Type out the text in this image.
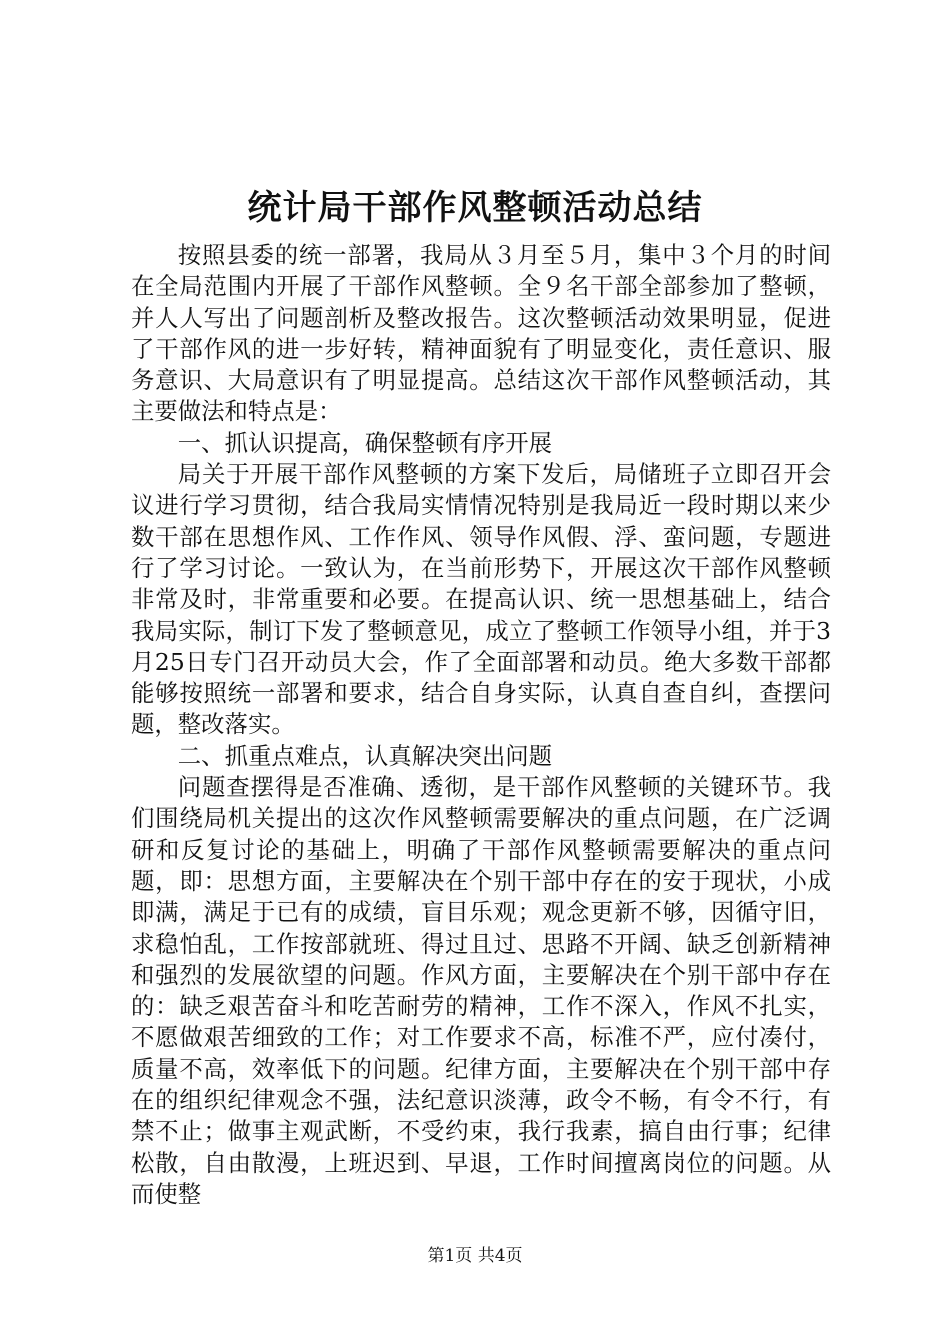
统计局干部作风整顿活动总结

按照县委的统一部署，我局从３月至５月，集中３个月的时间在全局范围内开展了干部作风整顿。全９名干部全部参加了整顿，并人人写出了问题剖析及整改报告。这次整顿活动效果明显，促进了干部作风的进一步好转，精神面貌有了明显变化，责任意识、服务意识、大局意识有了明显提高。总结这次干部作风整顿活动，其主要做法和特点是：

一、抓认识提高，确保整顿有序开展

局关于开展干部作风整顿的方案下发后，局储班子立即召开会议进行学习贯彻，结合我局实情情况特别是我局近一段时期以来少数干部在思想作风、工作作风、领导作风假、浮、蛮问题，专题进行了学习讨论。一致认为，在当前形势下，开展这次干部作风整顿非常及时，非常重要和必要。在提高认识、统一思想基础上，结合我局实际，制订下发了整顿意见，成立了整顿工作领导小组，并于3月25日专门召开动员大会，作了全面部署和动员。绝大多数干部都能够按照统一部署和要求，结合自身实际，认真自查自纠，查摆问题，整改落实。

二、抓重点难点，认真解决突出问题

问题查摆得是否准确、透彻，是干部作风整顿的关键环节。我们围绕局机关提出的这次作风整顿需要解决的重点问题，在广泛调研和反复讨论的基础上，明确了干部作风整顿需要解决的重点问题，即：思想方面，主要解决在个别干部中存在的安于现状，小成即满，满足于已有的成绩，盲目乐观；观念更新不够，因循守旧，求稳怕乱，工作按部就班、得过且过、思路不开阔、缺乏创新精神和强烈的发展欲望的问题。作风方面，主要解决在个别干部中存在的：缺乏艰苦奋斗和吃苦耐劳的精神，工作不深入，作风不扎实，不愿做艰苦细致的工作；对工作要求不高，标准不严，应付凑付，质量不高，效率低下的问题。纪律方面，主要解决在个别干部中存在的组织纪律观念不强，法纪意识淡薄，政令不畅，有令不行，有禁不止；做事主观武断，不受约束，我行我素，搞自由行事；纪律松散，自由散漫，上班迟到、早退，工作时间擅离岗位的问题。从而使整

第1页 共4页
